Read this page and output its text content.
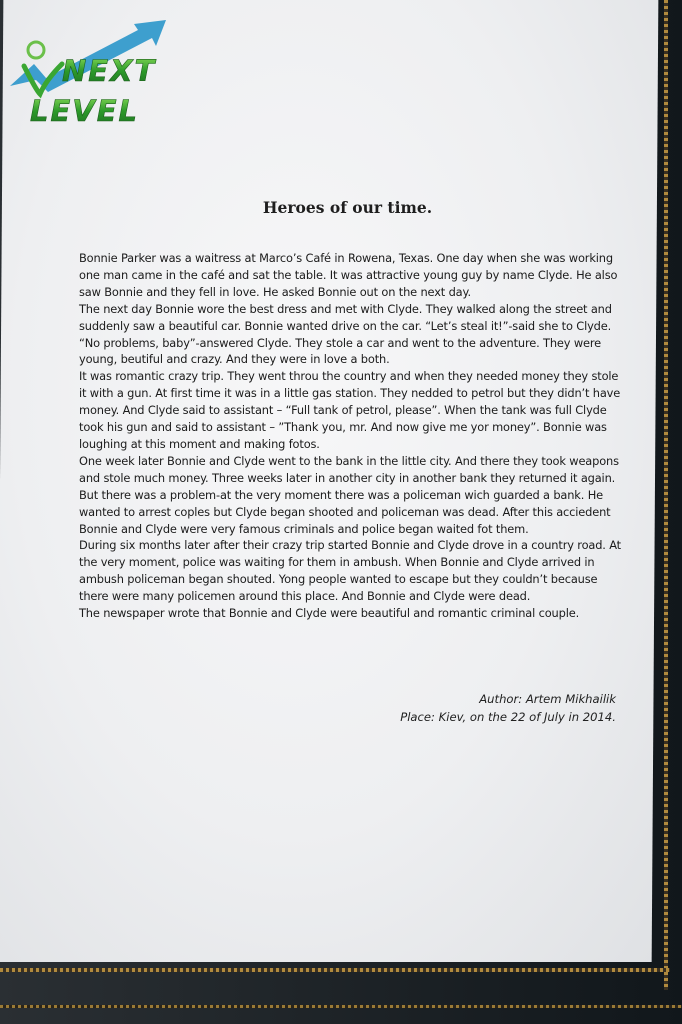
NEXT
LEVEL
Heroes of our time.

Bonnie Parker was a waitress at Marco’s Café in Rowena, Texas. One day when she was working one man came in the café and sat the table. It was attractive young guy by name Clyde. He also saw Bonnie and they fell in love. He asked Bonnie out on the next day.

The next day Bonnie wore the best dress and met with Clyde. They walked along the street and suddenly saw a beautiful car. Bonnie wanted drive on the car. “Let’s steal it!”-said she to Clyde. “No problems, baby”-answered Clyde. They stole a car and went to the adventure. They were young, beutiful and crazy. And they were in love a both.

It was romantic crazy trip. They went throu the country and when they needed money they stole it with a gun. At first time it was in a little gas station. They nedded to petrol but they didn’t have money. And Clyde said to assistant – “Full tank of petrol, please”. When the tank was full Clyde took his gun and said to assistant – ”Thank you, mr. And now give me yor money”. Bonnie was loughing at this moment and making fotos.

One week later Bonnie and Clyde went to the bank in the little city. And there they took weapons and stole much money. Three weeks later in another city in another bank they returned it again. But there was a problem-at the very moment there was a policeman wich guarded a bank. He wanted to arrest coples but Clyde began shooted and policeman was dead. After this acciedent Bonnie and Clyde were very famous criminals and police began waited fot them.

During six months later after their crazy trip started Bonnie and Clyde drove in a country road. At the very moment, police was waiting for them in ambush. When Bonnie and Clyde arrived in ambush policeman began shouted. Yong people wanted to escape but they couldn’t because there were many policemen around this place. And Bonnie and Clyde were dead.

The newspaper wrote that Bonnie and Clyde were beautiful and romantic criminal couple.

Author: Artem Mikhailik
Place: Kiev, on the 22 of July in 2014.
